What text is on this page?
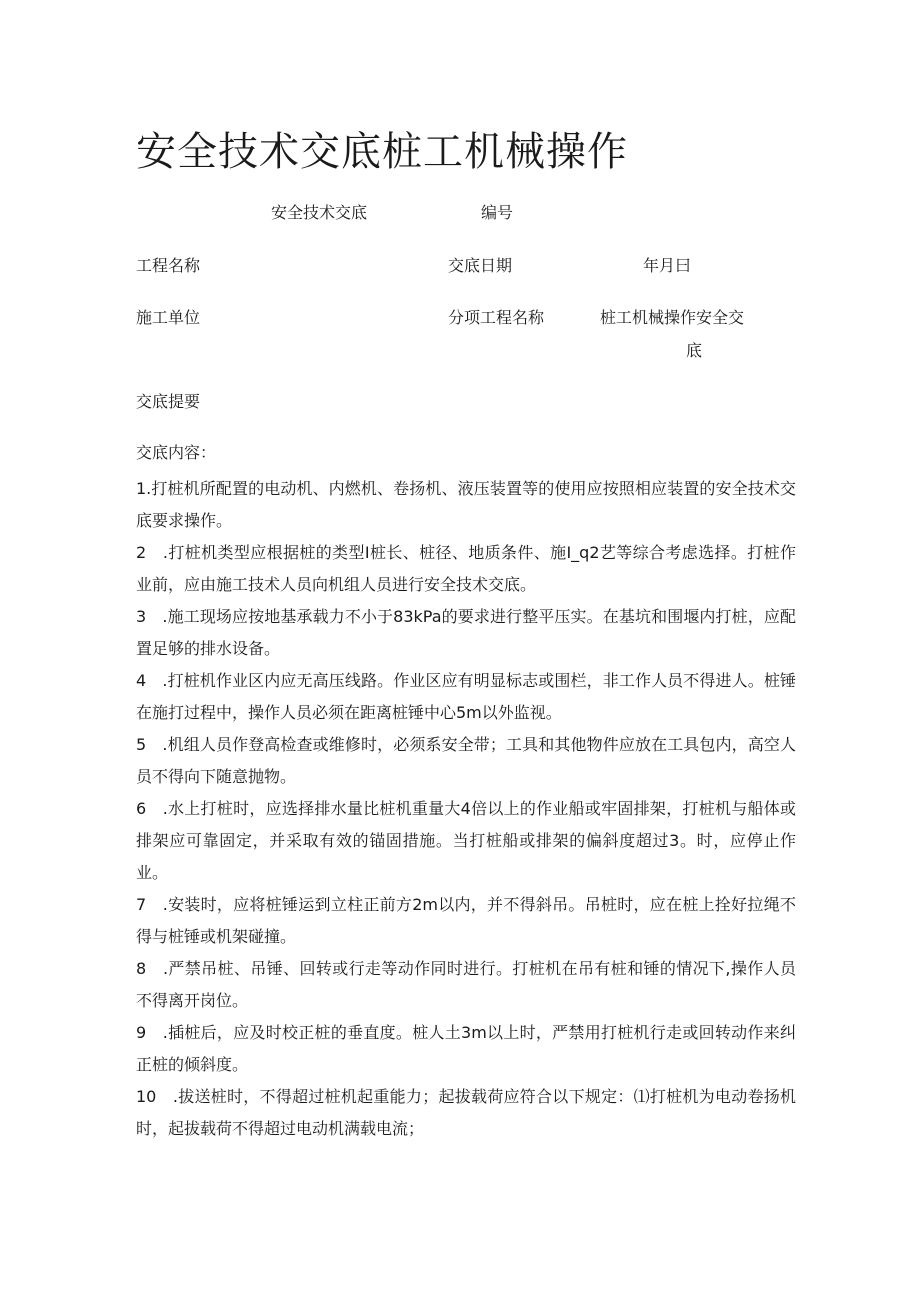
安全技术交底桩工机械操作
安全技术交底	编号
工程名称	交底日期	年月曰
施工单位	分项工程名称	桩工机械操作安全交
底
交底提要

交底内容：

1.打桩机所配置的电动机、内燃机、卷扬机、液压装置等的使用应按照相应装置的安全技术交底要求操作。

2　.打桩机类型应根据桩的类型I桩长、桩径、地质条件、施I_q2艺等综合考虑选择。打桩作业前，应由施工技术人员向机组人员进行安全技术交底。

3　.施工现场应按地基承载力不小于83kPa的要求进行整平压实。在基坑和围堰内打桩，应配置足够的排水设备。

4　.打桩机作业区内应无高压线路。作业区应有明显标志或围栏，非工作人员不得进人。桩锤在施打过程中，操作人员必须在距离桩锤中心5m以外监视。

5　.机组人员作登高检查或维修时，必须系安全带；工具和其他物件应放在工具包内，高空人员不得向下随意抛物。

6　.水上打桩时，应选择排水量比桩机重量大4倍以上的作业船或牢固排架，打桩机与船体或排架应可靠固定，并采取有效的锚固措施。当打桩船或排架的偏斜度超过3。时，应停止作业。

7　.安装时，应将桩锤运到立柱正前方2m以内，并不得斜吊。吊桩时，应在桩上拴好拉绳不得与桩锤或机架碰撞。

8　.严禁吊桩、吊锤、回转或行走等动作同时进行。打桩机在吊有桩和锤的情况下,操作人员不得离开岗位。

9　.插桩后，应及时校正桩的垂直度。桩人土3m以上时，严禁用打桩机行走或回转动作来纠正桩的倾斜度。

10　.拔送桩时，不得超过桩机起重能力；起拔载荷应符合以下规定：⑴打桩机为电动卷扬机时，起拔载荷不得超过电动机满载电流；
